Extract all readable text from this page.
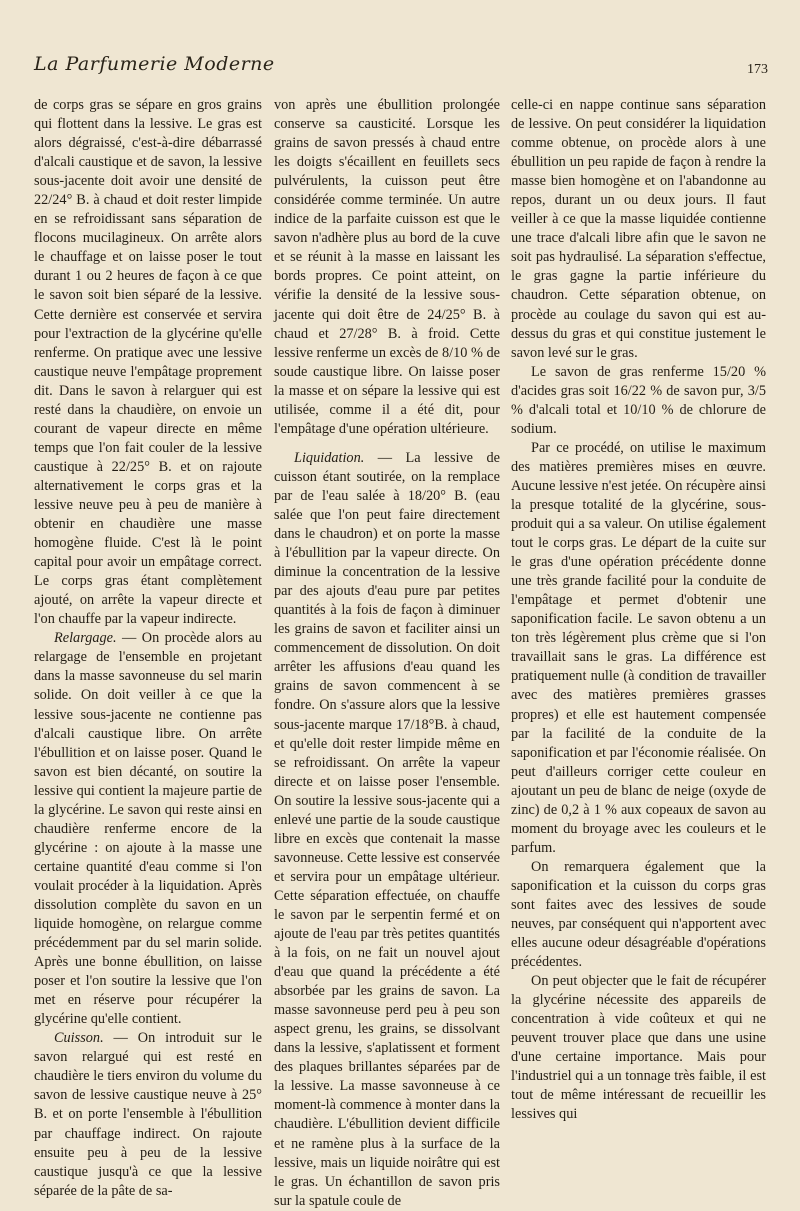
La Parfumerie Moderne	173

de corps gras se sépare en gros grains qui flottent dans la lessive. Le gras est alors dégraissé, c'est-à-dire débarrassé d'alcali caustique et de savon, la lessive sous-jacente doit avoir une densité de 22/24° B. à chaud et doit rester limpide en se refroidissant sans séparation de flocons mucilagineux. On arrête alors le chauffage et on laisse poser le tout durant 1 ou 2 heures de façon à ce que le savon soit bien séparé de la lessive. Cette dernière est conservée et servira pour l'extraction de la glycérine qu'elle renferme. On pratique avec une lessive caustique neuve l'empâtage proprement dit. Dans le savon à relarguer qui est resté dans la chaudière, on envoie un courant de vapeur directe en même temps que l'on fait couler de la lessive caustique à 22/25° B. et on rajoute alternativement le corps gras et la lessive neuve peu à peu de manière à obtenir en chaudière une masse homogène fluide. C'est là le point capital pour avoir un empâtage correct. Le corps gras étant complètement ajouté, on arrête la vapeur directe et l'on chauffe par la vapeur indirecte.

Relargage. — On procède alors au relargage de l'ensemble en projetant dans la masse savonneuse du sel marin solide. On doit veiller à ce que la lessive sous-jacente ne contienne pas d'alcali caustique libre. On arrête l'ébullition et on laisse poser. Quand le savon est bien décanté, on soutire la lessive qui contient la majeure partie de la glycérine. Le savon qui reste ainsi en chaudière renferme encore de la glycérine : on ajoute à la masse une certaine quantité d'eau comme si l'on voulait procéder à la liquidation. Après dissolution complète du savon en un liquide homogène, on relargue comme précédemment par du sel marin solide. Après une bonne ébullition, on laisse poser et l'on soutire la lessive que l'on met en réserve pour récupérer la glycérine qu'elle contient.

Cuisson. — On introduit sur le savon relargué qui est resté en chaudière le tiers environ du volume du savon de lessive caustique neuve à 25° B. et on porte l'ensemble à l'ébullition par chauffage indirect. On rajoute ensuite peu à peu de la lessive caustique jusqu'à ce que la lessive séparée de la pâte de sa-

von après une ébullition prolongée conserve sa causticité. Lorsque les grains de savon pressés à chaud entre les doigts s'écaillent en feuillets secs pulvérulents, la cuisson peut être considérée comme terminée. Un autre indice de la parfaite cuisson est que le savon n'adhère plus au bord de la cuve et se réunit à la masse en laissant les bords propres. Ce point atteint, on vérifie la densité de la lessive sous-jacente qui doit être de 24/25° B. à chaud et 27/28° B. à froid. Cette lessive renferme un excès de 8/10 % de soude caustique libre. On laisse poser la masse et on sépare la lessive qui est utilisée, comme il a été dit, pour l'empâtage d'une opération ultérieure.

Liquidation. — La lessive de cuisson étant soutirée, on la remplace par de l'eau salée à 18/20° B. (eau salée que l'on peut faire directement dans le chaudron) et on porte la masse à l'ébullition par la vapeur directe. On diminue la concentration de la lessive par des ajouts d'eau pure par petites quantités à la fois de façon à diminuer les grains de savon et faciliter ainsi un commencement de dissolution. On doit arrêter les affusions d'eau quand les grains de savon commencent à se fondre. On s'assure alors que la lessive sous-jacente marque 17/18°B. à chaud, et qu'elle doit rester limpide même en se refroidissant. On arrête la vapeur directe et on laisse poser l'ensemble. On soutire la lessive sous-jacente qui a enlevé une partie de la soude caustique libre en excès que contenait la masse savonneuse. Cette lessive est conservée et servira pour un empâtage ultérieur. Cette séparation effectuée, on chauffe le savon par le serpentin fermé et on ajoute de l'eau par très petites quantités à la fois, on ne fait un nouvel ajout d'eau que quand la précédente a été absorbée par les grains de savon. La masse savonneuse perd peu à peu son aspect grenu, les grains, se dissolvant dans la lessive, s'aplatissent et forment des plaques brillantes séparées par de la lessive. La masse savonneuse à ce moment-là commence à monter dans la chaudière. L'ébullition devient difficile et ne ramène plus à la surface de la lessive, mais un liquide noirâtre qui est le gras. Un échantillon de savon pris sur la spatule coule de

celle-ci en nappe continue sans séparation de lessive. On peut considérer la liquidation comme obtenue, on procède alors à une ébullition un peu rapide de façon à rendre la masse bien homogène et on l'abandonne au repos, durant un ou deux jours. Il faut veiller à ce que la masse liquidée contienne une trace d'alcali libre afin que le savon ne soit pas hydraulisé. La séparation s'effectue, le gras gagne la partie inférieure du chaudron. Cette séparation obtenue, on procède au coulage du savon qui est au-dessus du gras et qui constitue justement le savon levé sur le gras.

Le savon de gras renferme 15/20 % d'acides gras soit 16/22 % de savon pur, 3/5 % d'alcali total et 10/10 % de chlorure de sodium.

Par ce procédé, on utilise le maximum des matières premières mises en œuvre. Aucune lessive n'est jetée. On récupère ainsi la presque totalité de la glycérine, sous-produit qui a sa valeur. On utilise également tout le corps gras. Le départ de la cuite sur le gras d'une opération précédente donne une très grande facilité pour la conduite de l'empâtage et permet d'obtenir une saponification facile. Le savon obtenu a un ton très légèrement plus crème que si l'on travaillait sans le gras. La différence est pratiquement nulle (à condition de travailler avec des matières premières grasses propres) et elle est hautement compensée par la facilité de la conduite de la saponification et par l'économie réalisée. On peut d'ailleurs corriger cette couleur en ajoutant un peu de blanc de neige (oxyde de zinc) de 0,2 à 1 % aux copeaux de savon au moment du broyage avec les couleurs et le parfum.

On remarquera également que la saponification et la cuisson du corps gras sont faites avec des lessives de soude neuves, par conséquent qui n'apportent avec elles aucune odeur désagréable d'opérations précédentes.

On peut objecter que le fait de récupérer la glycérine nécessite des appareils de concentration à vide coûteux et qui ne peuvent trouver place que dans une usine d'une certaine importance. Mais pour l'industriel qui a un tonnage très faible, il est tout de même intéressant de recueillir les lessives qui
